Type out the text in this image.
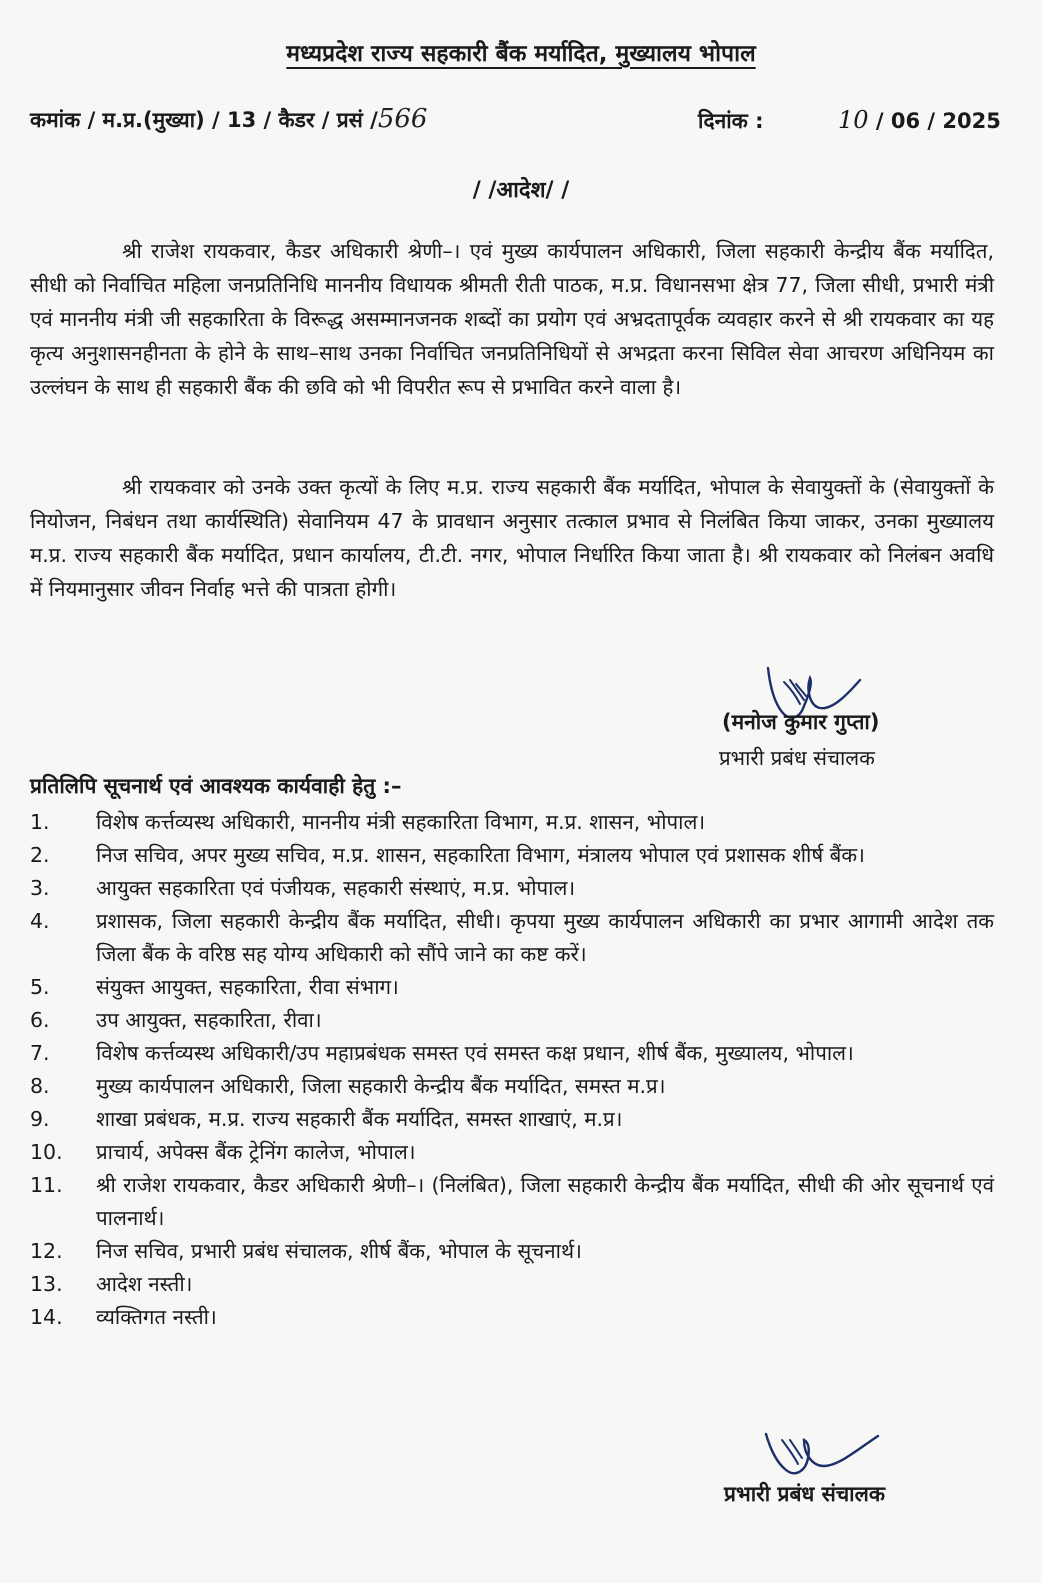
मध्यप्रदेश राज्य सहकारी बैंक मर्यादित, मुख्यालय भोपाल
कमांक / म.प्र.(मुख्या) / 13 / कैडर / प्रसं /566	दिनांक :	10 / 06 / 2025
/ /आदेश/ /

श्री राजेश रायकवार, कैडर अधिकारी श्रेणी–। एवं मुख्य कार्यपालन अधिकारी, जिला सहकारी केन्द्रीय बैंक मर्यादित, सीधी को निर्वाचित महिला जनप्रतिनिधि माननीय विधायक श्रीमती रीती पाठक, म.प्र. विधानसभा क्षेत्र 77, जिला सीधी, प्रभारी मंत्री एवं माननीय मंत्री जी सहकारिता के विरूद्ध असम्मानजनक शब्दों का प्रयोग एवं अभ्रदतापूर्वक व्यवहार करने से श्री रायकवार का यह कृत्य अनुशासनहीनता के होने के साथ–साथ उनका निर्वाचित जनप्रतिनिधियों से अभद्रता करना सिविल सेवा आचरण अधिनियम का उल्लंघन के साथ ही सहकारी बैंक की छवि को भी विपरीत रूप से प्रभावित करने वाला है।

श्री रायकवार को उनके उक्त कृत्यों के लिए म.प्र. राज्य सहकारी बैंक मर्यादित, भोपाल के सेवायुक्तों के (सेवायुक्तों के नियोजन, निबंधन तथा कार्यस्थिति) सेवानियम 47 के प्रावधान अनुसार तत्काल प्रभाव से निलंबित किया जाकर, उनका मुख्यालय म.प्र. राज्य सहकारी बैंक मर्यादित, प्रधान कार्यालय, टी.टी. नगर, भोपाल निर्धारित किया जाता है। श्री रायकवार को निलंबन अवधि में नियमानुसार जीवन निर्वाह भत्ते की पात्रता होगी।

(मनोज कुमार गुप्ता)
प्रभारी प्रबंध संचालक
प्रतिलिपि सूचनार्थ एवं आवश्यक कार्यवाही हेतु :–
1.	विशेष कर्त्तव्यस्थ अधिकारी, माननीय मंत्री सहकारिता विभाग, म.प्र. शासन, भोपाल।
2.	निज सचिव, अपर मुख्य सचिव, म.प्र. शासन, सहकारिता विभाग, मंत्रालय भोपाल एवं प्रशासक शीर्ष बैंक।
3.	आयुक्त सहकारिता एवं पंजीयक, सहकारी संस्थाएं, म.प्र. भोपाल।
4.	प्रशासक, जिला सहकारी केन्द्रीय बैंक मर्यादित, सीधी। कृपया मुख्य कार्यपालन अधिकारी का प्रभार आगामी आदेश तक जिला बैंक के वरिष्ठ सह योग्य अधिकारी को सौंपे जाने का कष्ट करें।
5.	संयुक्त आयुक्त, सहकारिता, रीवा संभाग।
6.	उप आयुक्त, सहकारिता, रीवा।
7.	विशेष कर्त्तव्यस्थ अधिकारी/उप महाप्रबंधक समस्त एवं समस्त कक्ष प्रधान, शीर्ष बैंक, मुख्यालय, भोपाल।
8.	मुख्य कार्यपालन अधिकारी, जिला सहकारी केन्द्रीय बैंक मर्यादित, समस्त म.प्र।
9.	शाखा प्रबंधक, म.प्र. राज्य सहकारी बैंक मर्यादित, समस्त शाखाएं, म.प्र।
10.	प्राचार्य, अपेक्स बैंक ट्रेनिंग कालेज, भोपाल।
11.	श्री राजेश रायकवार, कैडर अधिकारी श्रेणी–। (निलंबित), जिला सहकारी केन्द्रीय बैंक मर्यादित, सीधी की ओर सूचनार्थ एवं पालनार्थ।
12.	निज सचिव, प्रभारी प्रबंध संचालक, शीर्ष बैंक, भोपाल के सूचनार्थ।
13.	आदेश नस्ती।
14.	व्यक्तिगत नस्ती।
प्रभारी प्रबंध संचालक
